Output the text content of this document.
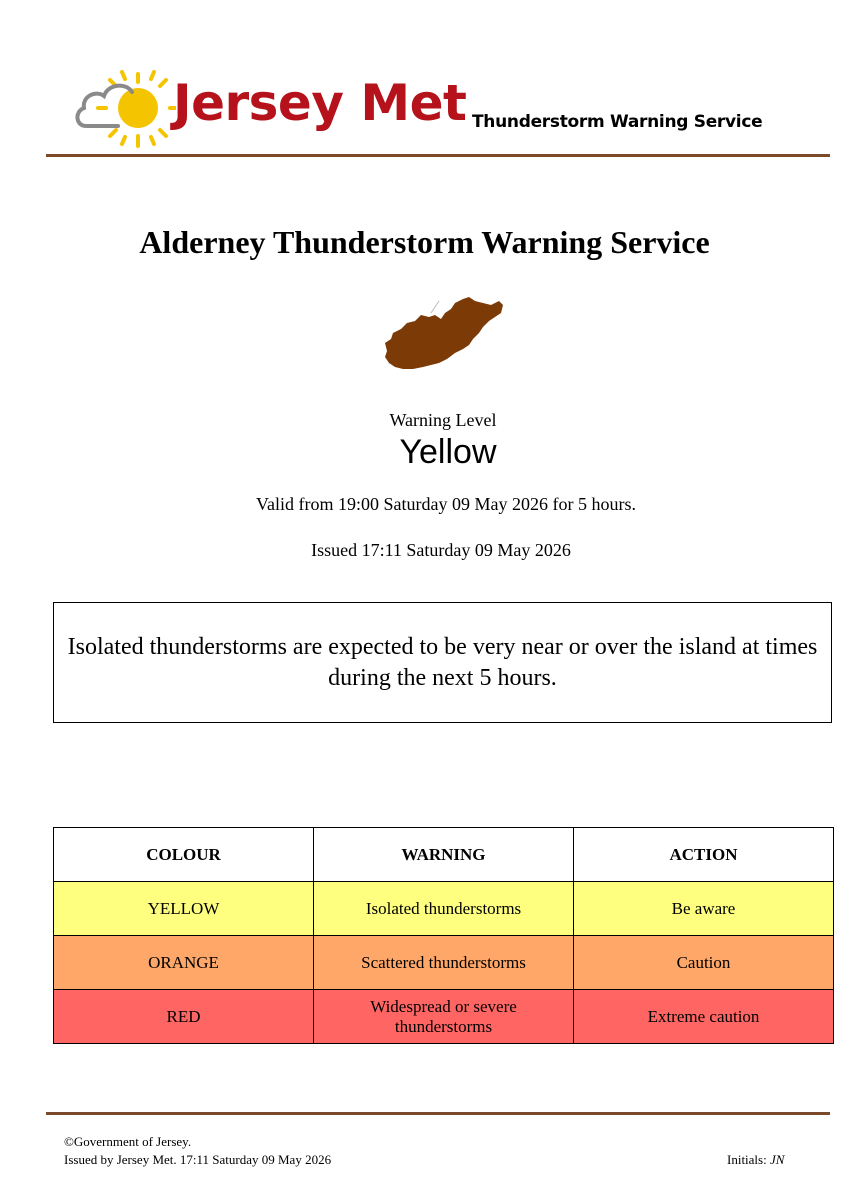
Jersey Met Thunderstorm Warning Service
Alderney Thunderstorm Warning Service
Warning Level
Yellow
Valid from 19:00 Saturday 09 May 2026 for 5 hours.
Issued 17:11 Saturday 09 May 2026
Isolated thunderstorms are expected to be very near or over the island at times during the next 5 hours.
COLOUR	WARNING	ACTION
YELLOW	Isolated thunderstorms	Be aware
ORANGE	Scattered thunderstorms	Caution
RED	Widespread or severe thunderstorms	Extreme caution
©Government of Jersey.
Issued by Jersey Met. 17:11 Saturday 09 May 2026	Initials: JN
